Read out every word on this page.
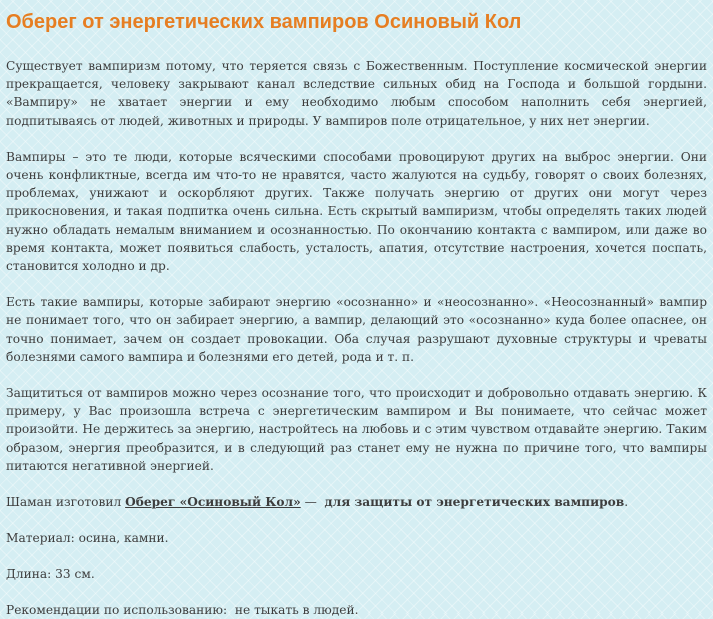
Оберег от энергетических вампиров Осиновый Кол

Существует вампиризм потому, что теряется связь с Божественным. Поступление космической энергии прекращается, человеку закрывают канал вследствие сильных обид на Господа и большой гордыни. «Вампиру» не хватает энергии и ему необходимо любым способом наполнить себя энергией, подпитываясь от людей, животных и природы. У вампиров поле отрицательное, у них нет энергии.

Вампиры – это те люди, которые всяческими способами провоцируют других на выброс энергии. Они очень конфликтные, всегда им что-то не нравятся, часто жалуются на судьбу, говорят о своих болезнях, проблемах, унижают и оскорбляют других. Также получать энергию от других они могут через прикосновения, и такая подпитка очень сильна. Есть скрытый вампиризм, чтобы определять таких людей нужно обладать немалым вниманием и осознанностью. По окончанию контакта с вампиром, или даже во время контакта, может появиться слабость, усталость, апатия, отсутствие настроения, хочется поспать, становится холодно и др.

Есть такие вампиры, которые забирают энергию «осознанно» и «неосознанно». «Неосознанный» вампир не понимает того, что он забирает энергию, а вампир, делающий это «осознанно» куда более опаснее, он точно понимает, зачем он создает провокации. Оба случая разрушают духовные структуры и чреваты болезнями самого вампира и болезнями его детей, рода и т. п.

Защититься от вампиров можно через осознание того, что происходит и добровольно отдавать энергию. К примеру, у Вас произошла встреча с энергетическим вампиром и Вы понимаете, что сейчас может произойти. Не держитесь за энергию, настройтесь на любовь и с этим чувством отдавайте энергию. Таким образом, энергия преобразится, и в следующий раз станет ему не нужна по причине того, что вампиры питаются негативной энергией.

Шаман изготовил Оберег «Осиновый Кол» —  для защиты от энергетических вампиров.

Материал: осина, камни.

Длина: 33 см.

Рекомендации по использованию:  не тыкать в людей.
